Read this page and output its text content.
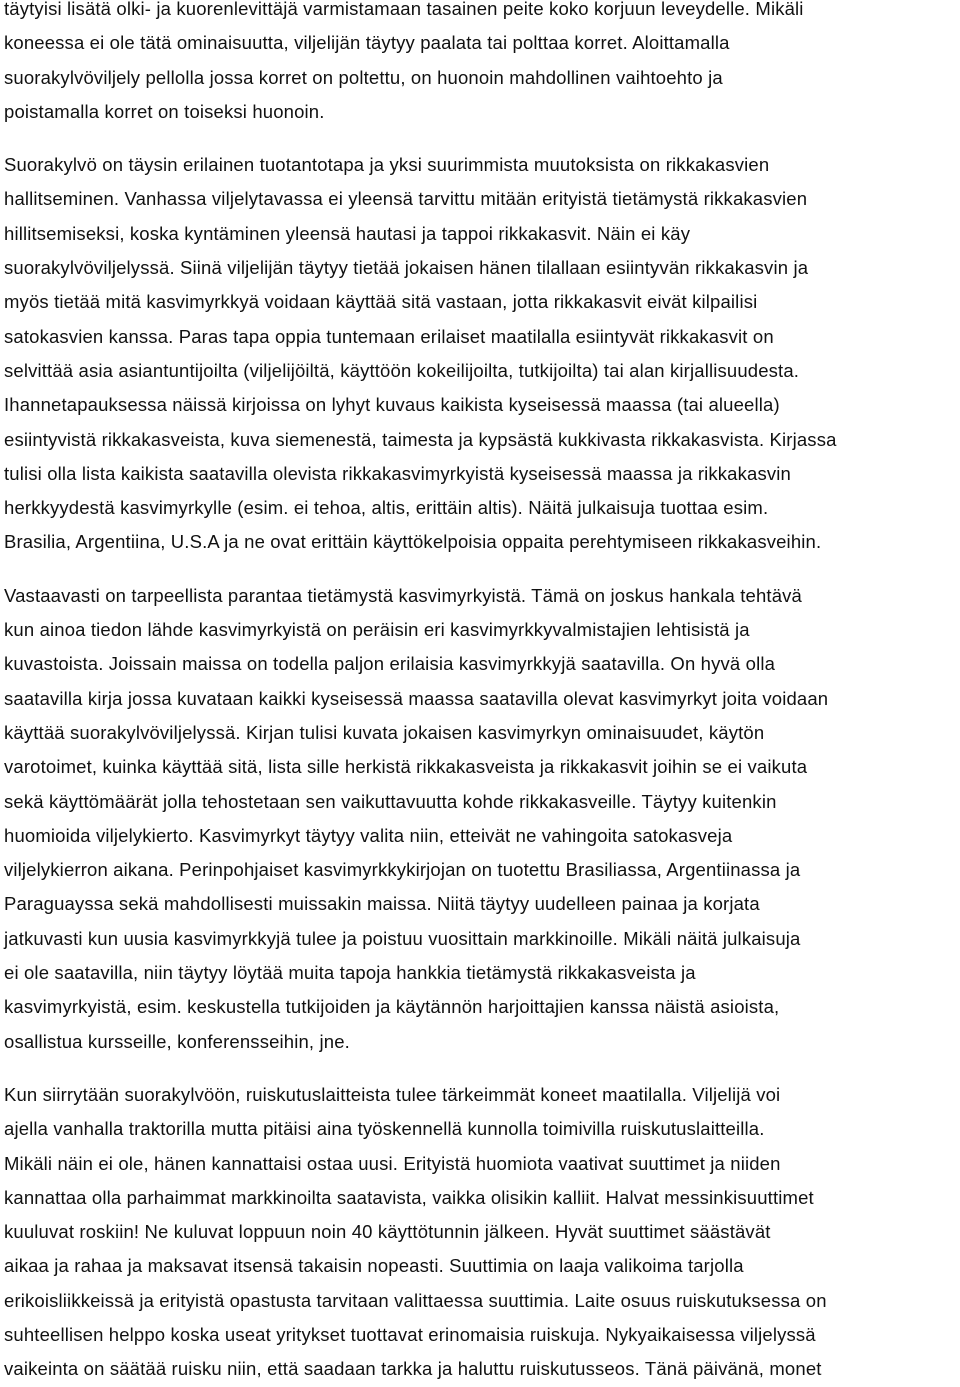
täytyisi lisätä olki- ja kuorenlevittäjä varmistamaan tasainen peite koko korjuun leveydelle. Mikäli
koneessa ei ole tätä ominaisuutta, viljelijän täytyy paalata tai polttaa korret. Aloittamalla
suorakylvöviljely pellolla jossa korret on poltettu, on huonoin mahdollinen vaihtoehto ja
poistamalla korret on toiseksi huonoin.
Suorakylvö on täysin erilainen tuotantotapa ja yksi suurimmista muutoksista on rikkakasvien
hallitseminen. Vanhassa viljelytavassa ei yleensä tarvittu mitään erityistä tietämystä rikkakasvien
hillitsemiseksi, koska kyntäminen yleensä hautasi ja tappoi rikkakasvit. Näin ei käy
suorakylvöviljelyssä. Siinä viljelijän täytyy tietää jokaisen hänen tilallaan esiintyvän rikkakasvin ja
myös tietää mitä kasvimyrkkyä voidaan käyttää sitä vastaan, jotta rikkakasvit eivät kilpailisi
satokasvien kanssa. Paras tapa oppia tuntemaan erilaiset maatilalla esiintyvät rikkakasvit on
selvittää asia asiantuntijoilta (viljelijöiltä, käyttöön kokeilijoilta, tutkijoilta) tai alan kirjallisuudesta.
Ihannetapauksessa näissä kirjoissa on lyhyt kuvaus kaikista kyseisessä maassa (tai alueella)
esiintyvistä rikkakasveista, kuva siemenestä, taimesta ja kypsästä kukkivasta rikkakasvista. Kirjassa
tulisi olla lista kaikista saatavilla olevista rikkakasvimyrkyistä kyseisessä maassa ja rikkakasvin
herkkyydestä kasvimyrkylle (esim. ei tehoa, altis, erittäin altis). Näitä julkaisuja tuottaa esim.
Brasilia, Argentiina, U.S.A ja ne ovat erittäin käyttökelpoisia oppaita perehtymiseen rikkakasveihin.
Vastaavasti on tarpeellista parantaa tietämystä kasvimyrkyistä. Tämä on joskus hankala tehtävä
kun ainoa tiedon lähde kasvimyrkyistä on peräisin eri kasvimyrkkyvalmistajien lehtisistä ja
kuvastoista. Joissain maissa on todella paljon erilaisia kasvimyrkkyjä saatavilla. On hyvä olla
saatavilla kirja jossa kuvataan kaikki kyseisessä maassa saatavilla olevat kasvimyrkyt joita voidaan
käyttää suorakylvöviljelyssä. Kirjan tulisi kuvata jokaisen kasvimyrkyn ominaisuudet, käytön
varotoimet, kuinka käyttää sitä, lista sille herkistä rikkakasveista ja rikkakasvit joihin se ei vaikuta
sekä käyttömäärät jolla tehostetaan sen vaikuttavuutta kohde rikkakasveille. Täytyy kuitenkin
huomioida viljelykierto. Kasvimyrkyt täytyy valita niin, etteivät ne vahingoita satokasveja
viljelykierron aikana. Perinpohjaiset kasvimyrkkykirjojan on tuotettu Brasiliassa, Argentiinassa ja
Paraguayssa sekä mahdollisesti muissakin maissa. Niitä täytyy uudelleen painaa ja korjata
jatkuvasti kun uusia kasvimyrkkyjä tulee ja poistuu vuosittain markkinoille. Mikäli näitä julkaisuja
ei ole saatavilla, niin täytyy löytää muita tapoja hankkia tietämystä rikkakasveista ja
kasvimyrkyistä, esim. keskustella tutkijoiden ja käytännön harjoittajien kanssa näistä asioista,
osallistua kursseille, konferensseihin, jne.
Kun siirrytään suorakylvöön, ruiskutuslaitteista tulee tärkeimmät koneet maatilalla. Viljelijä voi
ajella vanhalla traktorilla mutta pitäisi aina työskennellä kunnolla toimivilla ruiskutuslaitteilla.
Mikäli näin ei ole, hänen kannattaisi ostaa uusi. Erityistä huomiota vaativat suuttimet ja niiden
kannattaa olla parhaimmat markkinoilta saatavista, vaikka olisikin kalliit. Halvat messinkisuuttimet
kuuluvat roskiin! Ne kuluvat loppuun noin 40 käyttötunnin jälkeen. Hyvät suuttimet säästävät
aikaa ja rahaa ja maksavat itsensä takaisin nopeasti. Suuttimia on laaja valikoima tarjolla
erikoisliikkeissä ja erityistä opastusta tarvitaan valittaessa suuttimia. Laite osuus ruiskutuksessa on
suhteellisen helppo koska useat yritykset tuottavat erinomaisia ruiskuja. Nykyaikaisessa viljelyssä
vaikeinta on säätää ruisku niin, että saadaan tarkka ja haluttu ruiskutusseos. Tänä päivänä, monet
